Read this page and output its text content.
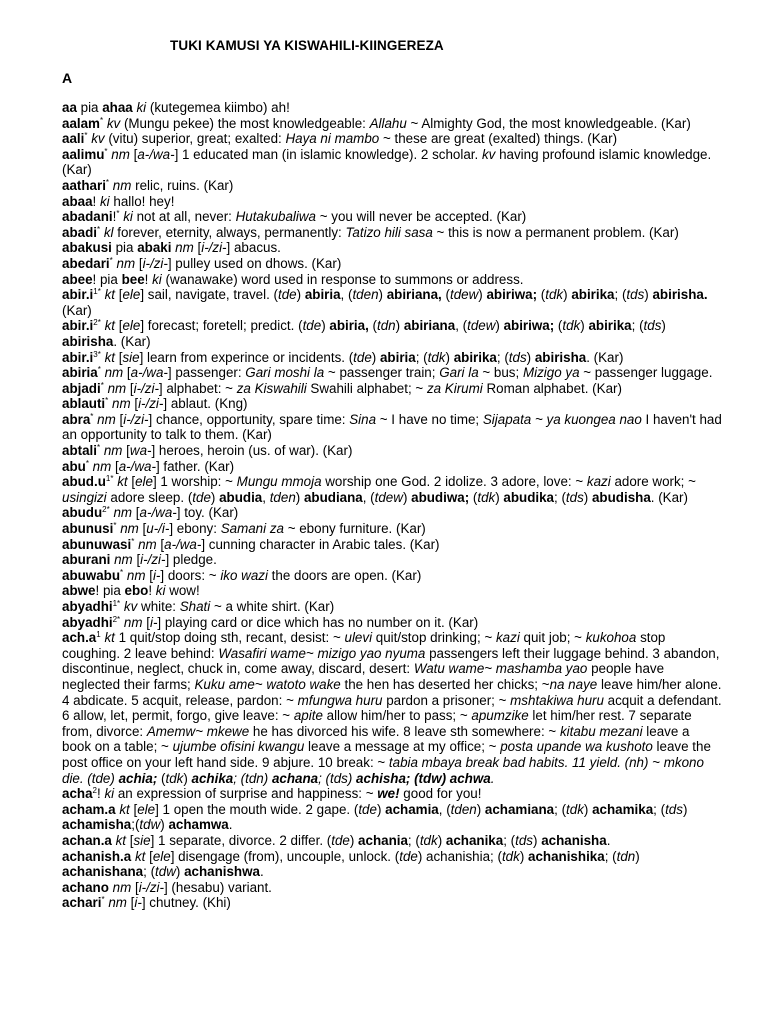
TUKI KAMUSI YA KISWAHILI-KIINGEREZA
A
aa pia ahaa ki (kutegemea kiimbo) ah!
aalam* kv (Mungu pekee) the most knowledgeable: Allahu ~ Almighty God, the most knowledgeable. (Kar)
aali* kv (vitu) superior, great; exalted: Haya ni mambo ~ these are great (exalted) things. (Kar)
aalimu* nm [a-/wa-] 1 educated man (in islamic knowledge). 2 scholar. kv having profound islamic knowledge. (Kar)
aathari* nm relic, ruins. (Kar)
abaa! ki hallo! hey!
abadani!* ki not at all, never: Hutakubaliwa ~ you will never be accepted. (Kar)
abadi* kl forever, eternity, always, permanently: Tatizo hili sasa ~ this is now a permanent problem. (Kar)
abakusi pia abaki nm [i-/zi-] abacus.
abedari* nm [i-/zi-] pulley used on dhows. (Kar)
abee! pia bee! ki (wanawake) word used in response to summons or address.
$abir.i^{1*}$ kt [ele] sail, navigate, travel. (tde) abiria, (tden) abiriana, (tdew) abiriwa; (tdk) abirika; (tds) abirisha. (Kar)
$abir.i^{2*}$ kt [ele] forecast; foretell; predict. (tde) abiria, (tdn) abiriana, (tdew) abiriwa; (tdk) abirika; (tds) abirisha. (Kar)
$abir.i^{3*}$ kt [sie] learn from experince or incidents. (tde) abiria; (tdk) abirika; (tds) abirisha. (Kar)
abiria* nm [a-/wa-] passenger: Gari moshi la ~ passenger train; Gari la ~ bus; Mizigo ya ~ passenger luggage.
abjadi* nm [i-/zi-] alphabet: ~ za Kiswahili Swahili alphabet; ~ za Kirumi Roman alphabet. (Kar)
ablauti* nm [i-/zi-] ablaut. (Kng)
abra* nm [i-/zi-] chance, opportunity, spare time: Sina ~ I have no time; Sijapata ~ ya kuongea nao I haven't had an opportunity to talk to them. (Kar)
abtali* nm [wa-] heroes, heroin (us. of war). (Kar)
abu* nm [a-/wa-] father. (Kar)
$abud.u^{1*}$ kt [ele] 1 worship: ~ Mungu mmoja worship one God. 2 idolize. 3 adore, love: ~ kazi adore work; ~ usingizi adore sleep. (tde) abudia, tden) abudiana, (tdew) abudiwa; (tdk) abudika; (tds) abudisha. (Kar)
abudu$^{2*}$ nm [a-/wa-] toy. (Kar)
abunusi* nm [u-/i-] ebony: Samani za ~ ebony furniture. (Kar)
abunuwasi* nm [a-/wa-] cunning character in Arabic tales. (Kar)
aburani nm [i-/zi-] pledge.
abuwabu* nm [i-] doors: ~ iko wazi the doors are open. (Kar)
abwe! pia ebo! ki wow!
abyadhi$^{1*}$ kv white: Shati ~ a white shirt. (Kar)
abyadhi$^{2*}$ nm [i-] playing card or dice which has no number on it. (Kar)
$ach.a^1$ kt 1 quit/stop doing sth, recant, desist: ~ ulevi quit/stop drinking; ~ kazi quit job; ~ kukohoa stop coughing. 2 leave behind: Wasafiri wame~ mizigo yao nyuma passengers left their luggage behind. 3 abandon, discontinue, neglect, chuck in, come away, discard, desert: Watu wame~ mashamba yao people have neglected their farms; Kuku ame~ watoto wake the hen has deserted her chicks; ~na naye leave him/her alone. 4 abdicate. 5 acquit, release, pardon: ~ mfungwa huru pardon a prisoner; ~ mshtakiwa huru acquit a defendant. 6 allow, let, permit, forgo, give leave: ~ apite allow him/her to pass; ~ apumzike let him/her rest. 7 separate from, divorce: Amemw~ mkewe he has divorced his wife. 8 leave sth somewhere: ~ kitabu mezani leave a book on a table; ~ ujumbe ofisini kwangu leave a message at my office; ~ posta upande wa kushoto leave the post office on your left hand side. 9 abjure. 10 break: ~ tabia mbaya break bad habits. 11 yield. (nh) ~ mkono die. (tde) achia; (tdk) achika; (tdn) achana; (tds) achisha; (tdw) achwa.
acha$^2$! ki an expression of surprise and happiness: ~ we! good for you!
acham.a kt [ele] 1 open the mouth wide. 2 gape. (tde) achamia, (tden) achamiana; (tdk) achamika; (tds) achamisha;(tdw) achamwa.
achan.a kt [sie] 1 separate, divorce. 2 differ. (tde) achania; (tdk) achanika; (tds) achanisha.
achanish.a kt [ele] disengage (from), uncouple, unlock. (tde) achanishia; (tdk) achanishika; (tdn) achanishana; (tdw) achanishwa.
achano nm [i-/zi-] (hesabu) variant.
achari* nm [i-] chutney. (Khi)
